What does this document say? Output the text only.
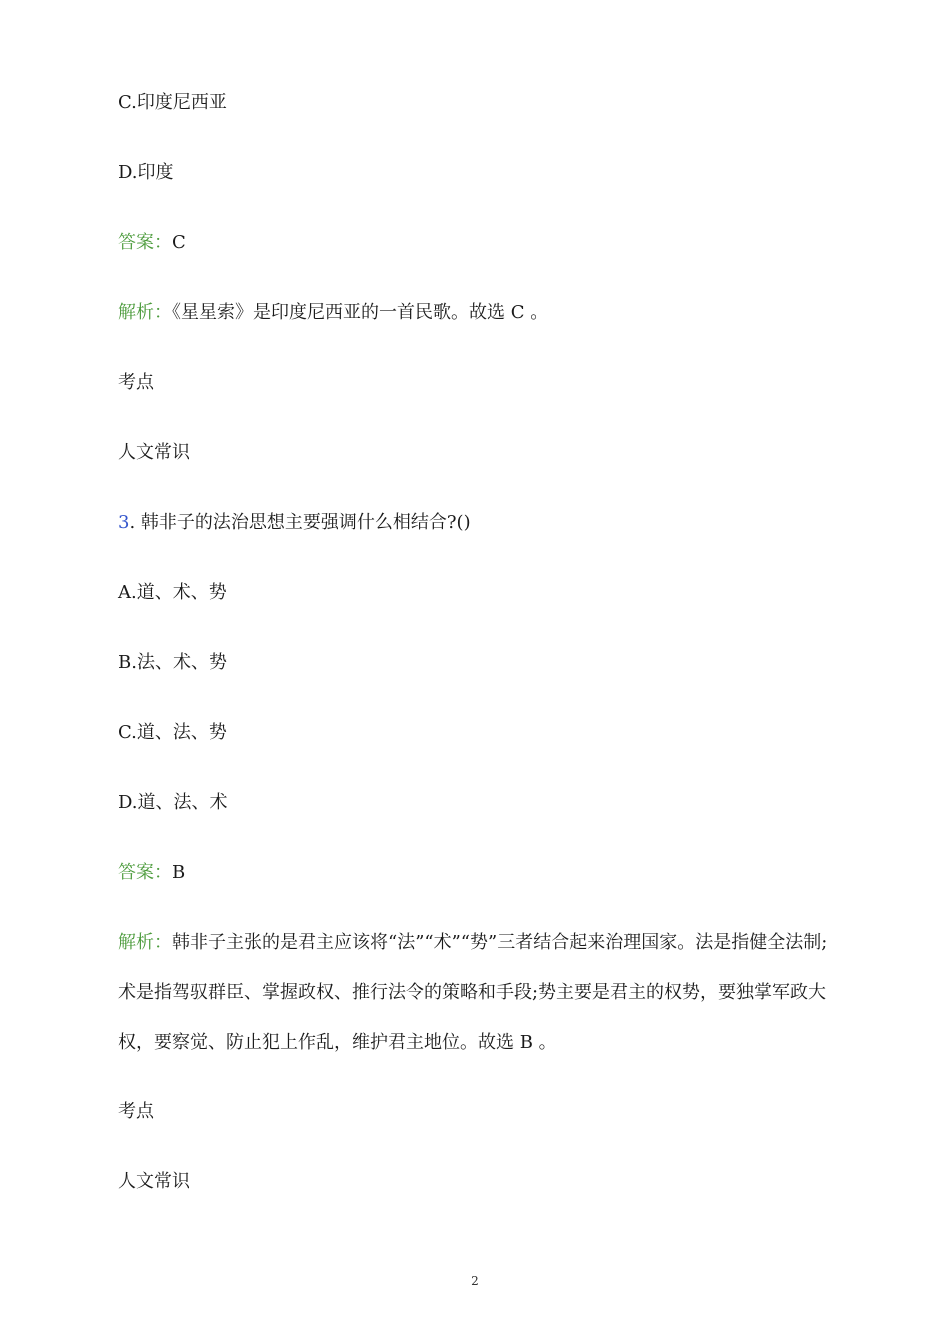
C.印度尼西亚
D.印度
答案：C
解析：《星星索》是印度尼西亚的一首民歌。故选 C 。
考点
人文常识
3. 韩非子的法治思想主要强调什么相结合?()
A.道、术、势
B.法、术、势
C.道、法、势
D.道、法、术
答案：B
解析：韩非子主张的是君主应该将“法”“术”“势”三者结合起来治理国家。法是指健全法制;术是指驾驭群臣、掌握政权、推行法令的策略和手段;势主要是君主的权势，要独掌军政大权，要察觉、防止犯上作乱，维护君主地位。故选 B 。
考点
人文常识
2
